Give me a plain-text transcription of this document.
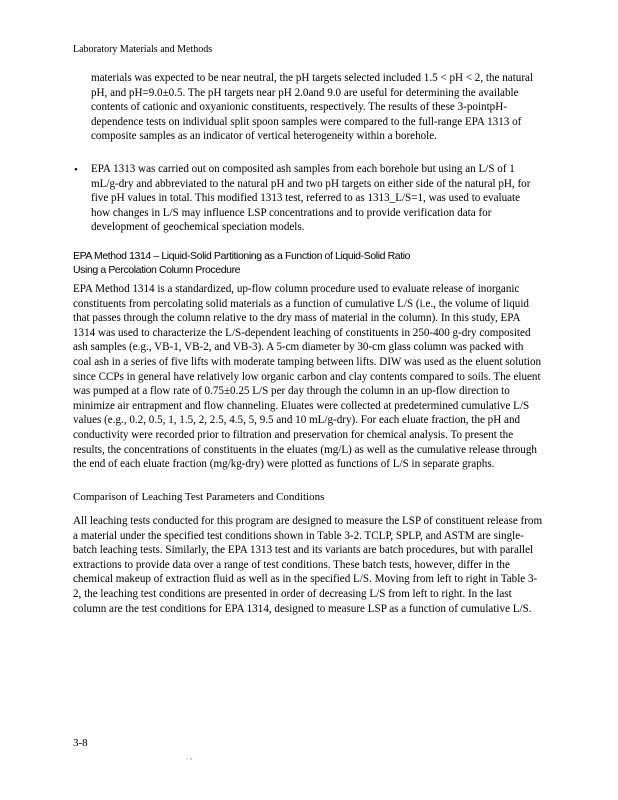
Laboratory Materials and Methods
materials was expected to be near neutral, the pH targets selected included 1.5 < pH < 2, the natural pH, and pH=9.0±0.5. The pH targets near pH 2.0and 9.0 are useful for determining the available contents of cationic and oxyanionic constituents, respectively. The results of these 3-pointpH-dependence tests on individual split spoon samples were compared to the full-range EPA 1313 of composite samples as an indicator of vertical heterogeneity within a borehole.
• EPA 1313 was carried out on composited ash samples from each borehole but using an L/S of 1 mL/g-dry and abbreviated to the natural pH and two pH targets on either side of the natural pH, for five pH values in total. This modified 1313 test, referred to as 1313_L/S=1, was used to evaluate how changes in L/S may influence LSP concentrations and to provide verification data for development of geochemical speciation models.
EPA Method 1314 – Liquid-Solid Partitioning as a Function of Liquid-Solid Ratio
Using a Percolation Column Procedure
EPA Method 1314 is a standardized, up-flow column procedure used to evaluate release of inorganic constituents from percolating solid materials as a function of cumulative L/S (i.e., the volume of liquid that passes through the column relative to the dry mass of material in the column). In this study, EPA 1314 was used to characterize the L/S-dependent leaching of constituents in 250-400 g-dry composited ash samples (e.g., VB-1, VB-2, and VB-3). A 5-cm diameter by 30-cm glass column was packed with coal ash in a series of five lifts with moderate tamping between lifts. DIW was used as the eluent solution since CCPs in general have relatively low organic carbon and clay contents compared to soils. The eluent was pumped at a flow rate of 0.75±0.25 L/S per day through the column in an up-flow direction to minimize air entrapment and flow channeling. Eluates were collected at predetermined cumulative L/S values (e.g., 0.2, 0.5, 1, 1.5, 2, 2.5, 4.5, 5, 9.5 and 10 mL/g-dry). For each eluate fraction, the pH and conductivity were recorded prior to filtration and preservation for chemical analysis. To present the results, the concentrations of constituents in the eluates (mg/L) as well as the cumulative release through the end of each eluate fraction (mg/kg-dry) were plotted as functions of L/S in separate graphs.
Comparison of Leaching Test Parameters and Conditions
All leaching tests conducted for this program are designed to measure the LSP of constituent release from a material under the specified test conditions shown in Table 3-2. TCLP, SPLP, and ASTM are single-batch leaching tests. Similarly, the EPA 1313 test and its variants are batch procedures, but with parallel extractions to provide data over a range of test conditions. These batch tests, however, differ in the chemical makeup of extraction fluid as well as in the specified L/S. Moving from left to right in Table 3-2, the leaching test conditions are presented in order of decreasing L/S from left to right. In the last column are the test conditions for EPA 1314, designed to measure LSP as a function of cumulative L/S.
3-8
› «
